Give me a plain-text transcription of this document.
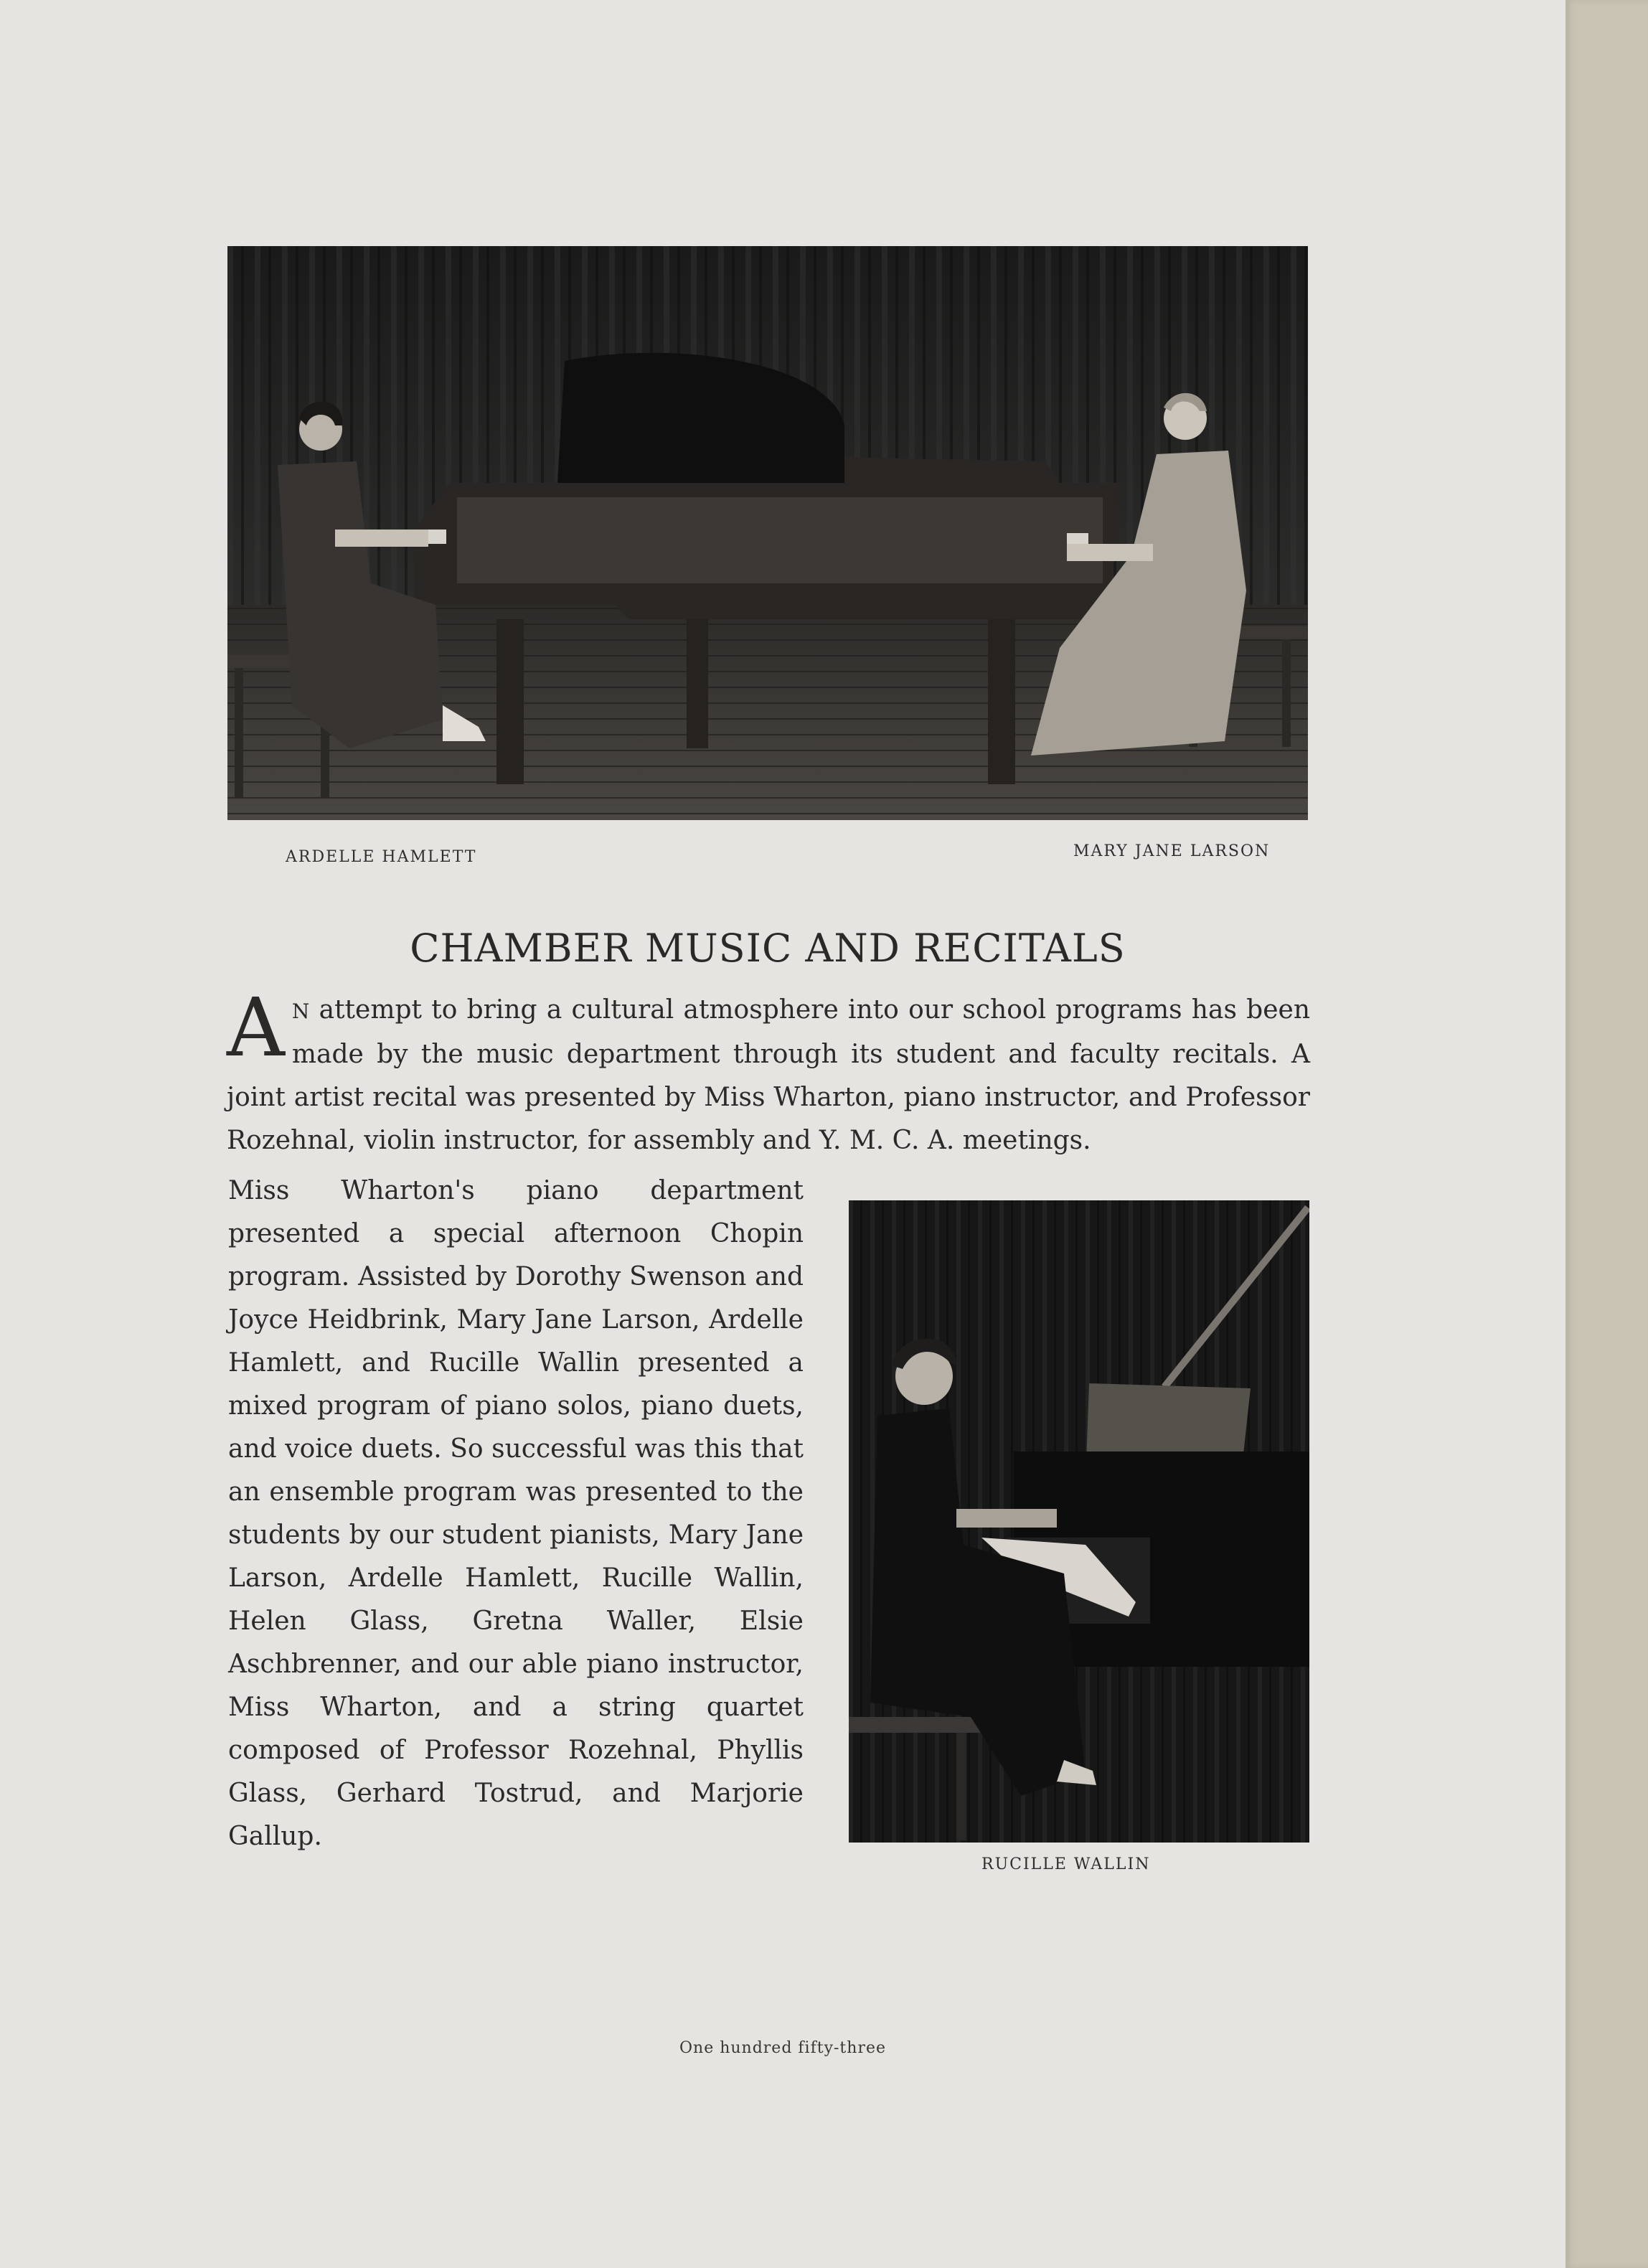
ARDELLE HAMLETT	MARY JANE LARSON
CHAMBER MUSIC AND RECITALS
A N attempt to bring a cultural atmosphere into our school programs has been made by the music department through its student and faculty recitals. A joint artist recital was presented by Miss Wharton, piano instructor, and Professor Rozehnal, violin instructor, for assembly and Y. M. C. A. meetings.
Miss Wharton's piano department presented a special afternoon Chopin program. Assisted by Dorothy Swenson and Joyce Heidbrink, Mary Jane Larson, Ardelle Hamlett, and Rucille Wallin presented a mixed program of piano solos, piano duets, and voice duets. So successful was this that an ensemble program was presented to the students by our student pianists, Mary Jane Larson, Ardelle Hamlett, Rucille Wallin, Helen Glass, Gretna Waller, Elsie Aschbrenner, and our able piano instructor, Miss Wharton, and a string quartet composed of Professor Rozehnal, Phyllis Glass, Gerhard Tostrud, and Marjorie Gallup.
RUCILLE WALLIN
One hundred fifty-three
